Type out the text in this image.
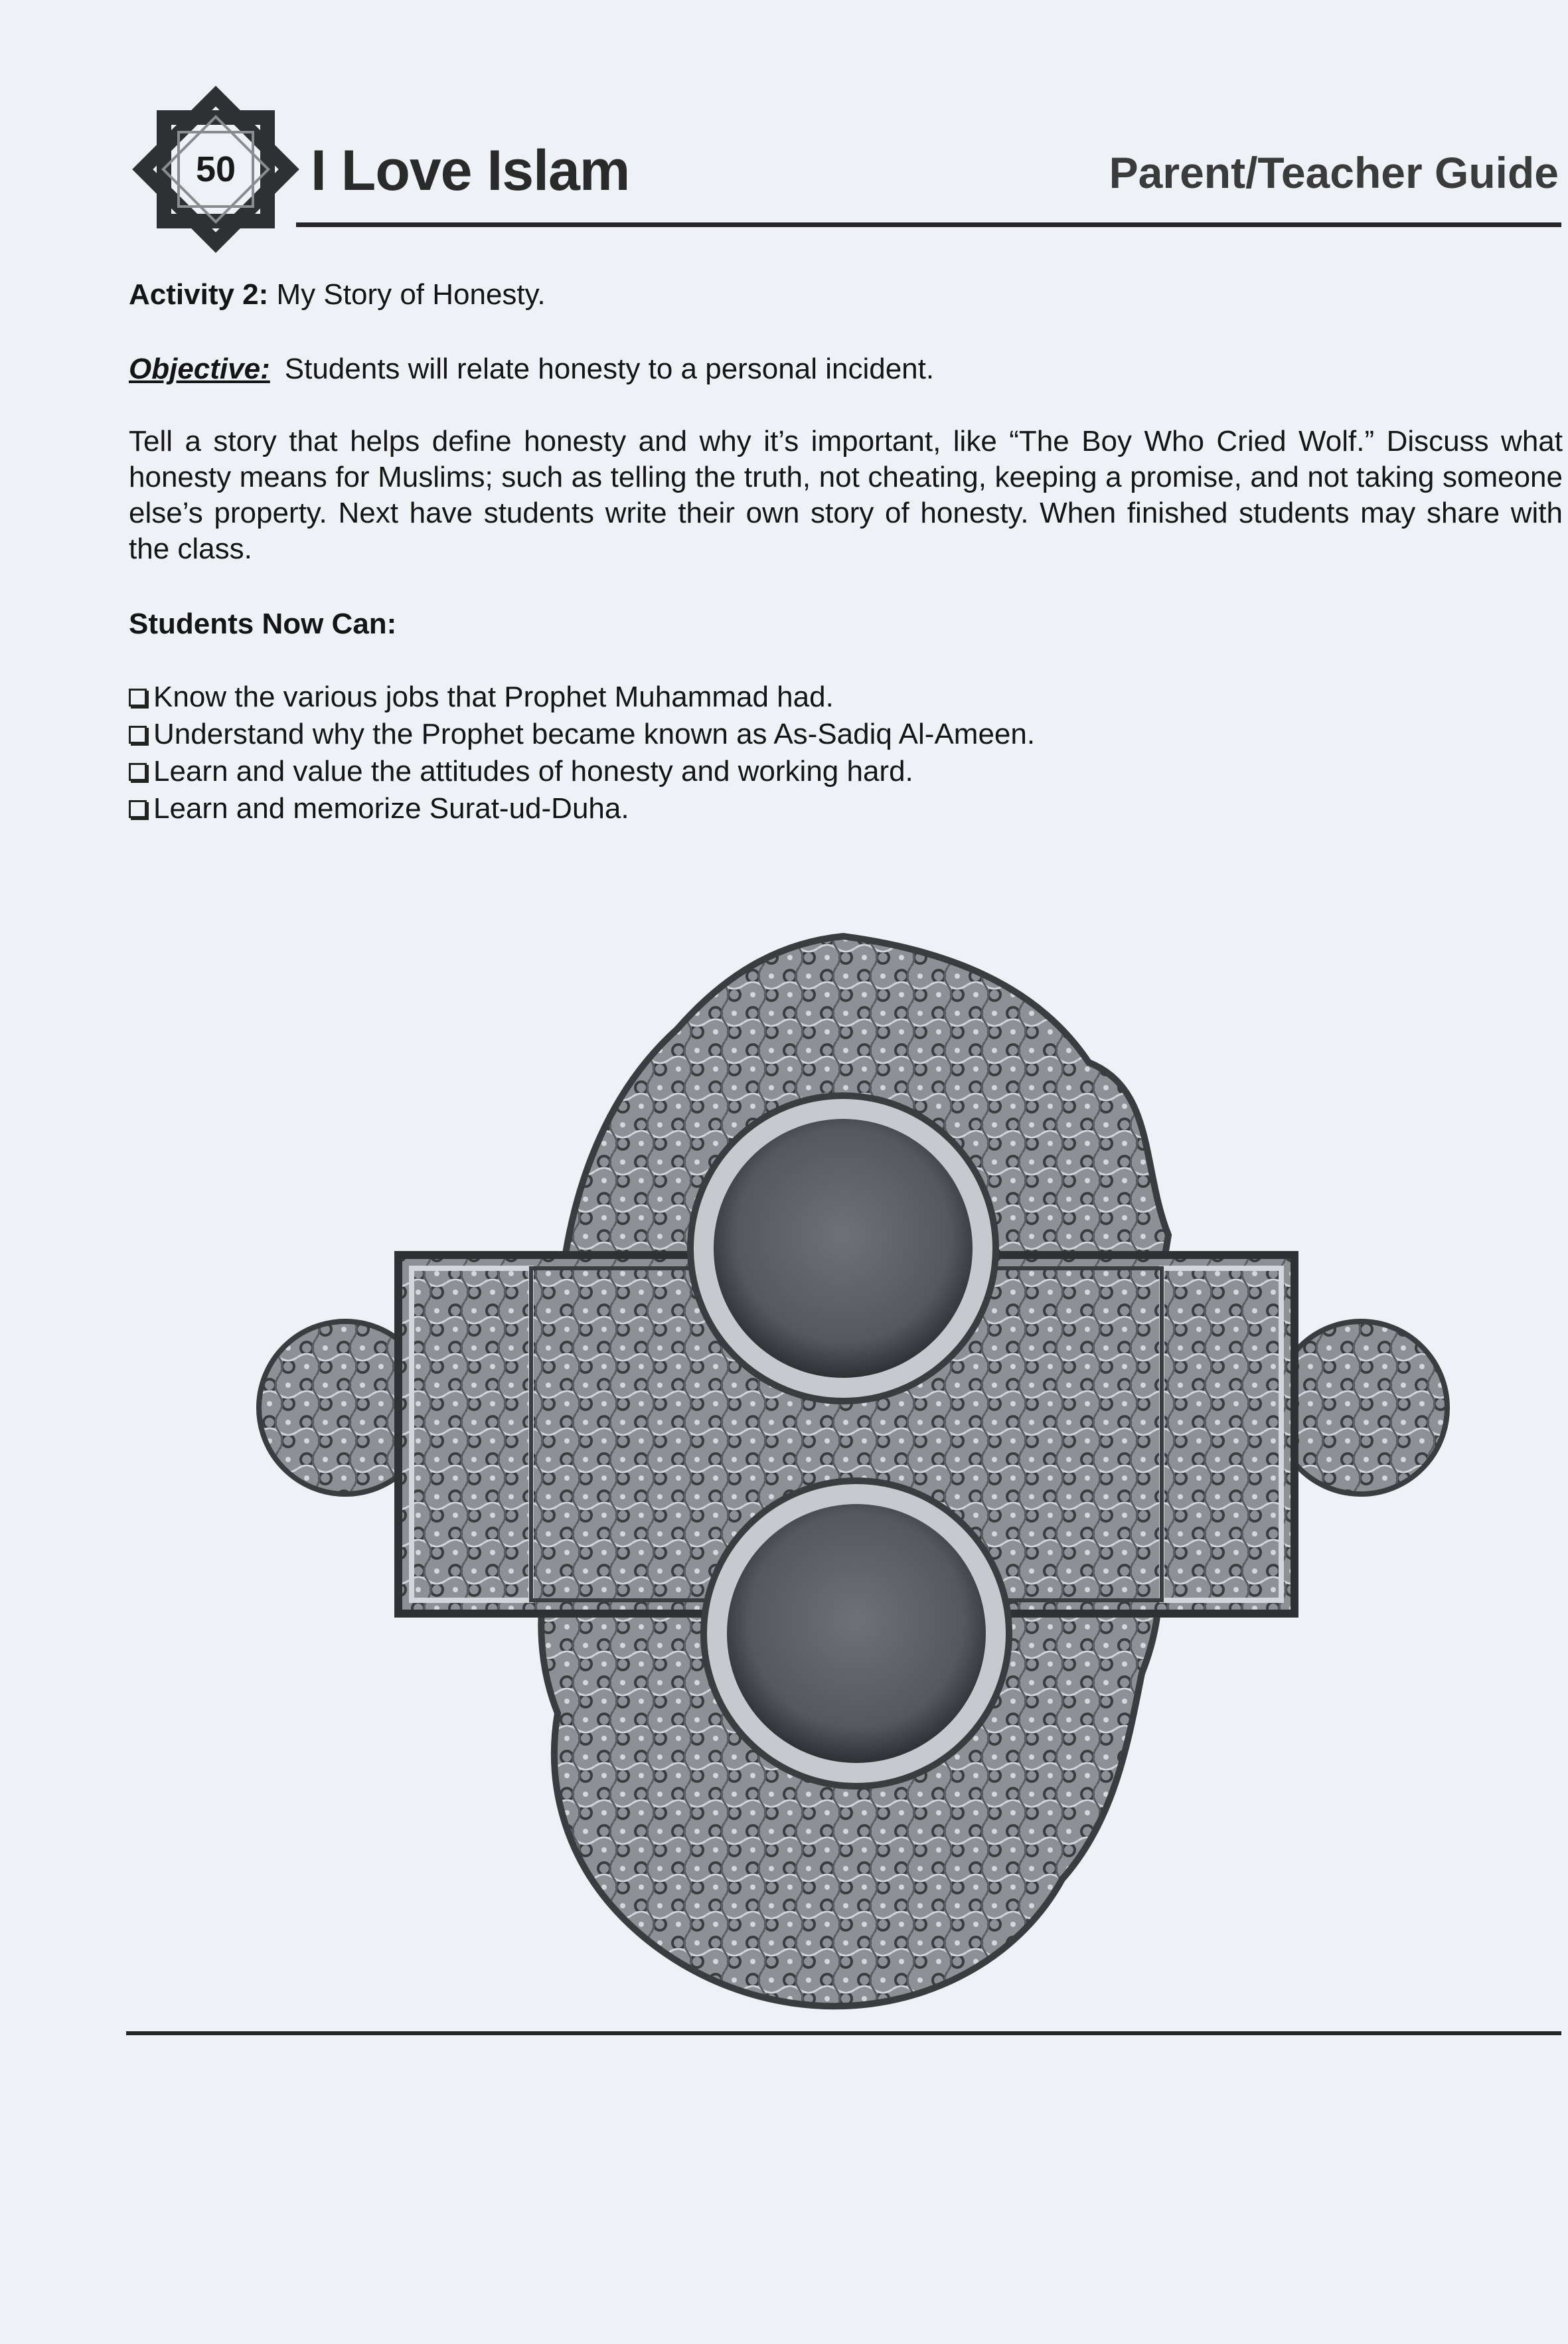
50	I Love Islam	Parent/Teacher Guide
Activity 2: My Story of Honesty.
Objective: Students will relate honesty to a personal incident.
Tell a story that helps define honesty and why it’s important, like “The Boy Who Cried Wolf.” Discuss what honesty means for Muslims; such as telling the truth, not cheating, keeping a promise, and not taking someone else’s property. Next have students write their own story of honesty. When finished students may share with the class.
Students Now Can:
Know the various jobs that Prophet Muhammad had.
Understand why the Prophet became known as As-Sadiq Al-Ameen.
Learn and value the attitudes of honesty and working hard.
Learn and memorize Surat-ud-Duha.
